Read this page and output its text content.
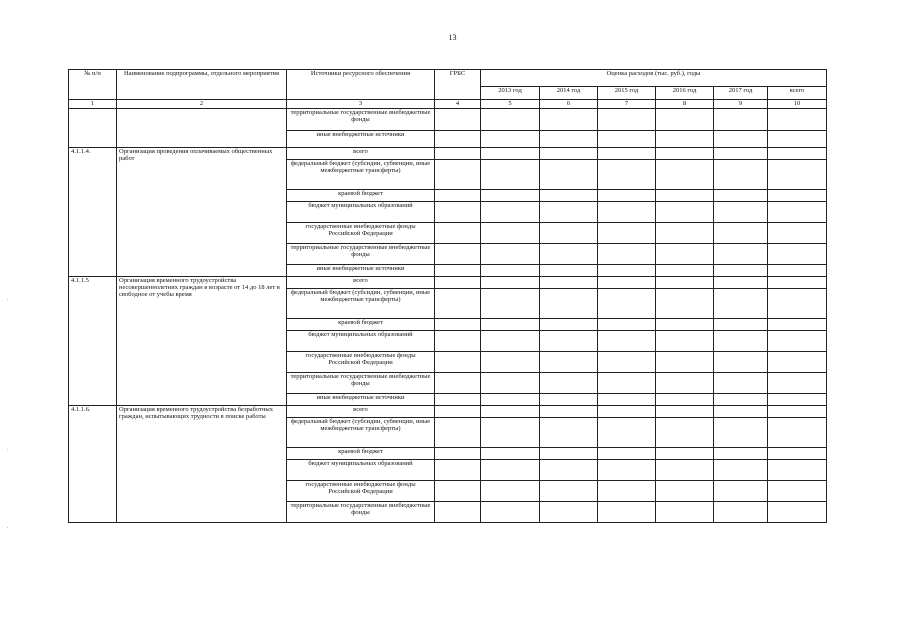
13
.
.
.
№ п/п	Наименование подпрограммы, отдельного мероприятия	Источники ресурсного обеспечения	ГРБС	Оценка расходов (тыс. руб.), годы					
				2013 год	2014 год	2015 год	2016 год	2017 год	всего
1	2	3	4	5	6	7	8	9	10
		территориальные государственные внебюджетные фонды							
		иные внебюджетные источники							
4.1.1.4.	Организация проведения оплачиваемых общественных работ	всего							
		федеральный бюджет (субсидии, субвенции, иные межбюджетные трансферты)							
		краевой бюджет							
		бюджет муниципальных образований							
		государственные внебюджетные фонды Российской Федерации							
		территориальные государственные внебюджетные фонды							
		иные внебюджетные источники							
4.1.1.5	Организация временного трудоустройства несовершеннолетних граждан в возрасте от 14 до 18 лет в свободное от учебы время	всего							
		федеральный бюджет (субсидии, субвенции, иные межбюджетные трансферты)							
		краевой бюджет							
		бюджет муниципальных образований							
		государственные внебюджетные фонды Российской Федерации							
		территориальные государственные внебюджетные фонды							
		иные внебюджетные источники							
4.1.1.6.	Организация временного трудоустройства безработных граждан, испытывающих трудности в поиске работы	всего							
		федеральный бюджет (субсидии, субвенции, иные межбюджетные трансферты)							
		краевой бюджет							
		бюджет муниципальных образований							
		государственные внебюджетные фонды Российской Федерации							
		территориальные государственные внебюджетные фонды							
